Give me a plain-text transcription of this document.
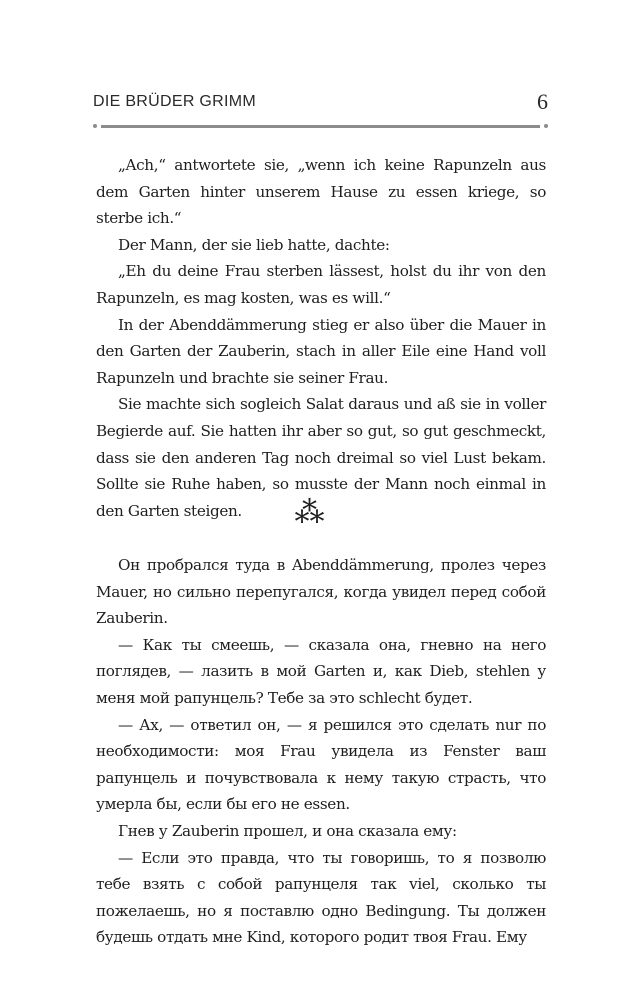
DIE BRÜDER GRIMM	6

„Ach,“ antwortete sie, „wenn ich keine Rapunzeln aus dem Garten hinter unserem Hause zu essen kriege, so sterbe ich.“

Der Mann, der sie lieb hatte, dachte:

„Eh du deine Frau sterben lässest, holst du ihr von den Rapunzeln, es mag kosten, was es will.“

In der Abenddämmerung stieg er also über die Mauer in den Garten der Zauberin, stach in aller Eile eine Hand voll Rapunzeln und brachte sie seiner Frau.

Sie machte sich sogleich Salat daraus und aß sie in voller Begierde auf. Sie hatten ihr aber so gut, so gut geschmeckt, dass sie den anderen Tag noch dreimal so viel Lust bekam. Sollte sie Ruhe haben, so musste der Mann noch einmal in den Garten steigen.	⁂

Он пробрался туда в Abenddämmerung, пролез через Mauer, но сильно перепугался, когда увидел перед собой Zauberin.

— Как ты смеешь, — сказала она, гневно на него поглядев, — лазить в мой Garten и, как Dieb, stehlen у меня мой рапунцель? Тебе за это schlecht будет.

— Ах, — ответил он, — я решился это сделать nur по необходимости: моя Frau увидела из Fenster ваш рапунцель и почувствовала к нему такую страсть, что умерла бы, если бы его не essen.

Гнев у Zauberin прошел, и она сказала ему:

— Если это правда, что ты говоришь, то я позволю тебе взять с собой рапунцеля так viel, сколько ты пожелаешь, но я поставлю одно Bedingung. Ты должен будешь отдать мне Kind, которого родит твоя Frau. Ему
